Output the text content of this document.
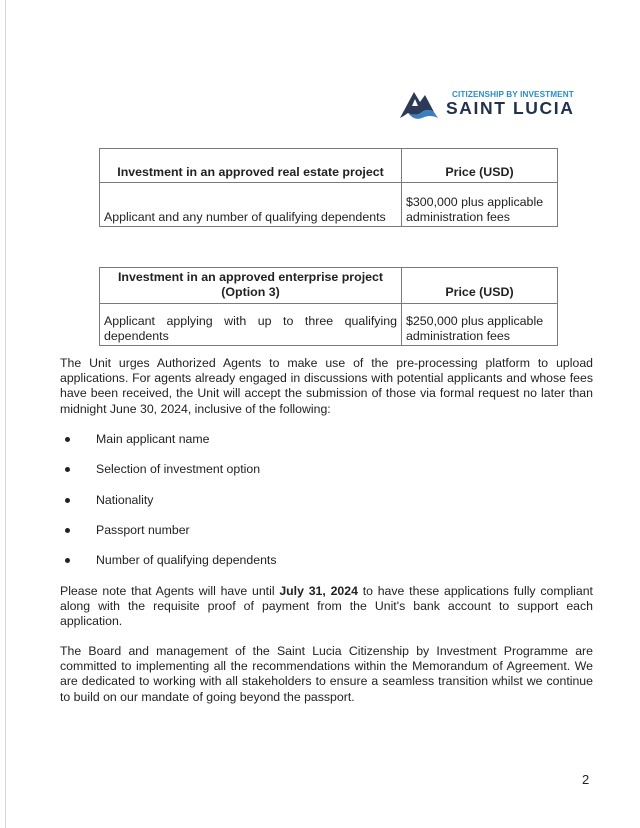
CITIZENSHIP BY INVESTMENT
SAINT LUCIA
Investment in an approved real estate project	Price (USD)
Applicant and any number of qualifying dependents	$300,000 plus applicable administration fees
Investment in an approved enterprise project
(Option 3)	Price (USD)

Applicant applying with up to three qualifying
dependents	$250,000 plus applicable administration fees

The Unit urges Authorized Agents to make use of the pre-processing platform to upload applications. For agents already engaged in discussions with potential applicants and whose fees have been received, the Unit will accept the submission of those via formal request no later than midnight June 30, 2024, inclusive of the following:

Main applicant name
Selection of investment option
Nationality
Passport number
Number of qualifying dependents

Please note that Agents will have until July 31, 2024 to have these applications fully compliant along with the requisite proof of payment from the Unit's bank account to support each application.

The Board and management of the Saint Lucia Citizenship by Investment Programme are committed to implementing all the recommendations within the Memorandum of Agreement. We are dedicated to working with all stakeholders to ensure a seamless transition whilst we continue to build on our mandate of going beyond the passport.

2
